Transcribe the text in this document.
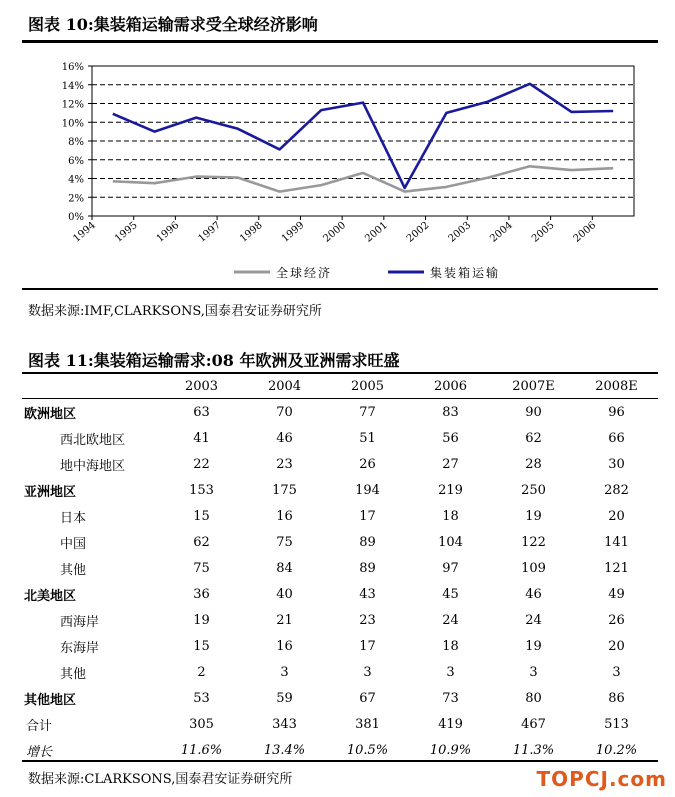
图表 10:集装箱运输需求受全球经济影响
0%
2%
4%
6%
8%
10%
12%
14%
16%
1994 1995 1996 1997 1998 1999 2000 2001 2002 2003 2004 2005 2006
全球经济	集装箱运输
数据来源:IMF,CLARKSONS,国泰君安证券研究所
图表 11:集装箱运输需求:08 年欧洲及亚洲需求旺盛
	2003	2004	2005	2006	2007E	2008E
欧洲地区	63	70	77	83	90	96
西北欧地区	41	46	51	56	62	66
地中海地区	22	23	26	27	28	30
亚洲地区	153	175	194	219	250	282
日本	15	16	17	18	19	20
中国	62	75	89	104	122	141
其他	75	84	89	97	109	121
北美地区	36	40	43	45	46	49
西海岸	19	21	23	24	24	26
东海岸	15	16	17	18	19	20
其他	2	3	3	3	3	3
其他地区	53	59	67	73	80	86
合计	305	343	381	419	467	513
增长	11.6%	13.4%	10.5%	10.9%	11.3%	10.2%
数据来源:CLARKSONS,国泰君安证券研究所	TOPCJ.com
